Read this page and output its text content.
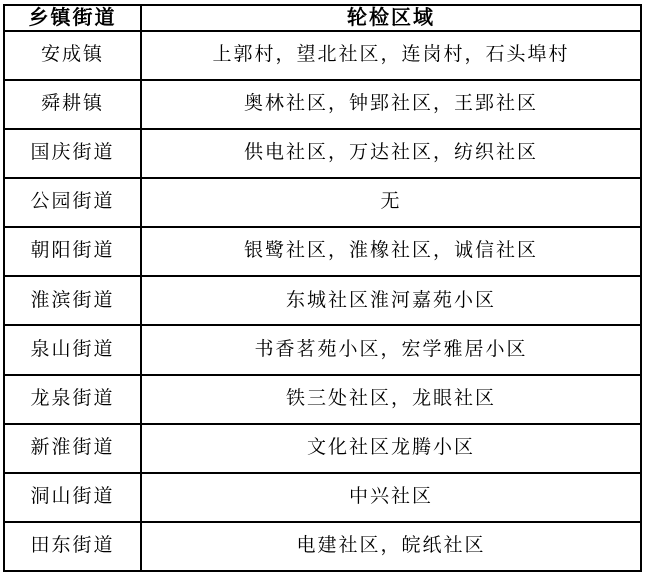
乡镇街道	轮检区域
安成镇	上郭村，望北社区，连岗村，石头埠村
舜耕镇	奥林社区，钟郢社区，王郢社区
国庆街道	供电社区，万达社区，纺织社区
公园街道	无
朝阳街道	银鹭社区，淮橡社区，诚信社区
淮滨街道	东城社区淮河嘉苑小区
泉山街道	书香茗苑小区，宏学雅居小区
龙泉街道	铁三处社区，龙眼社区
新淮街道	文化社区龙腾小区
洞山街道	中兴社区
田东街道	电建社区，皖纸社区
